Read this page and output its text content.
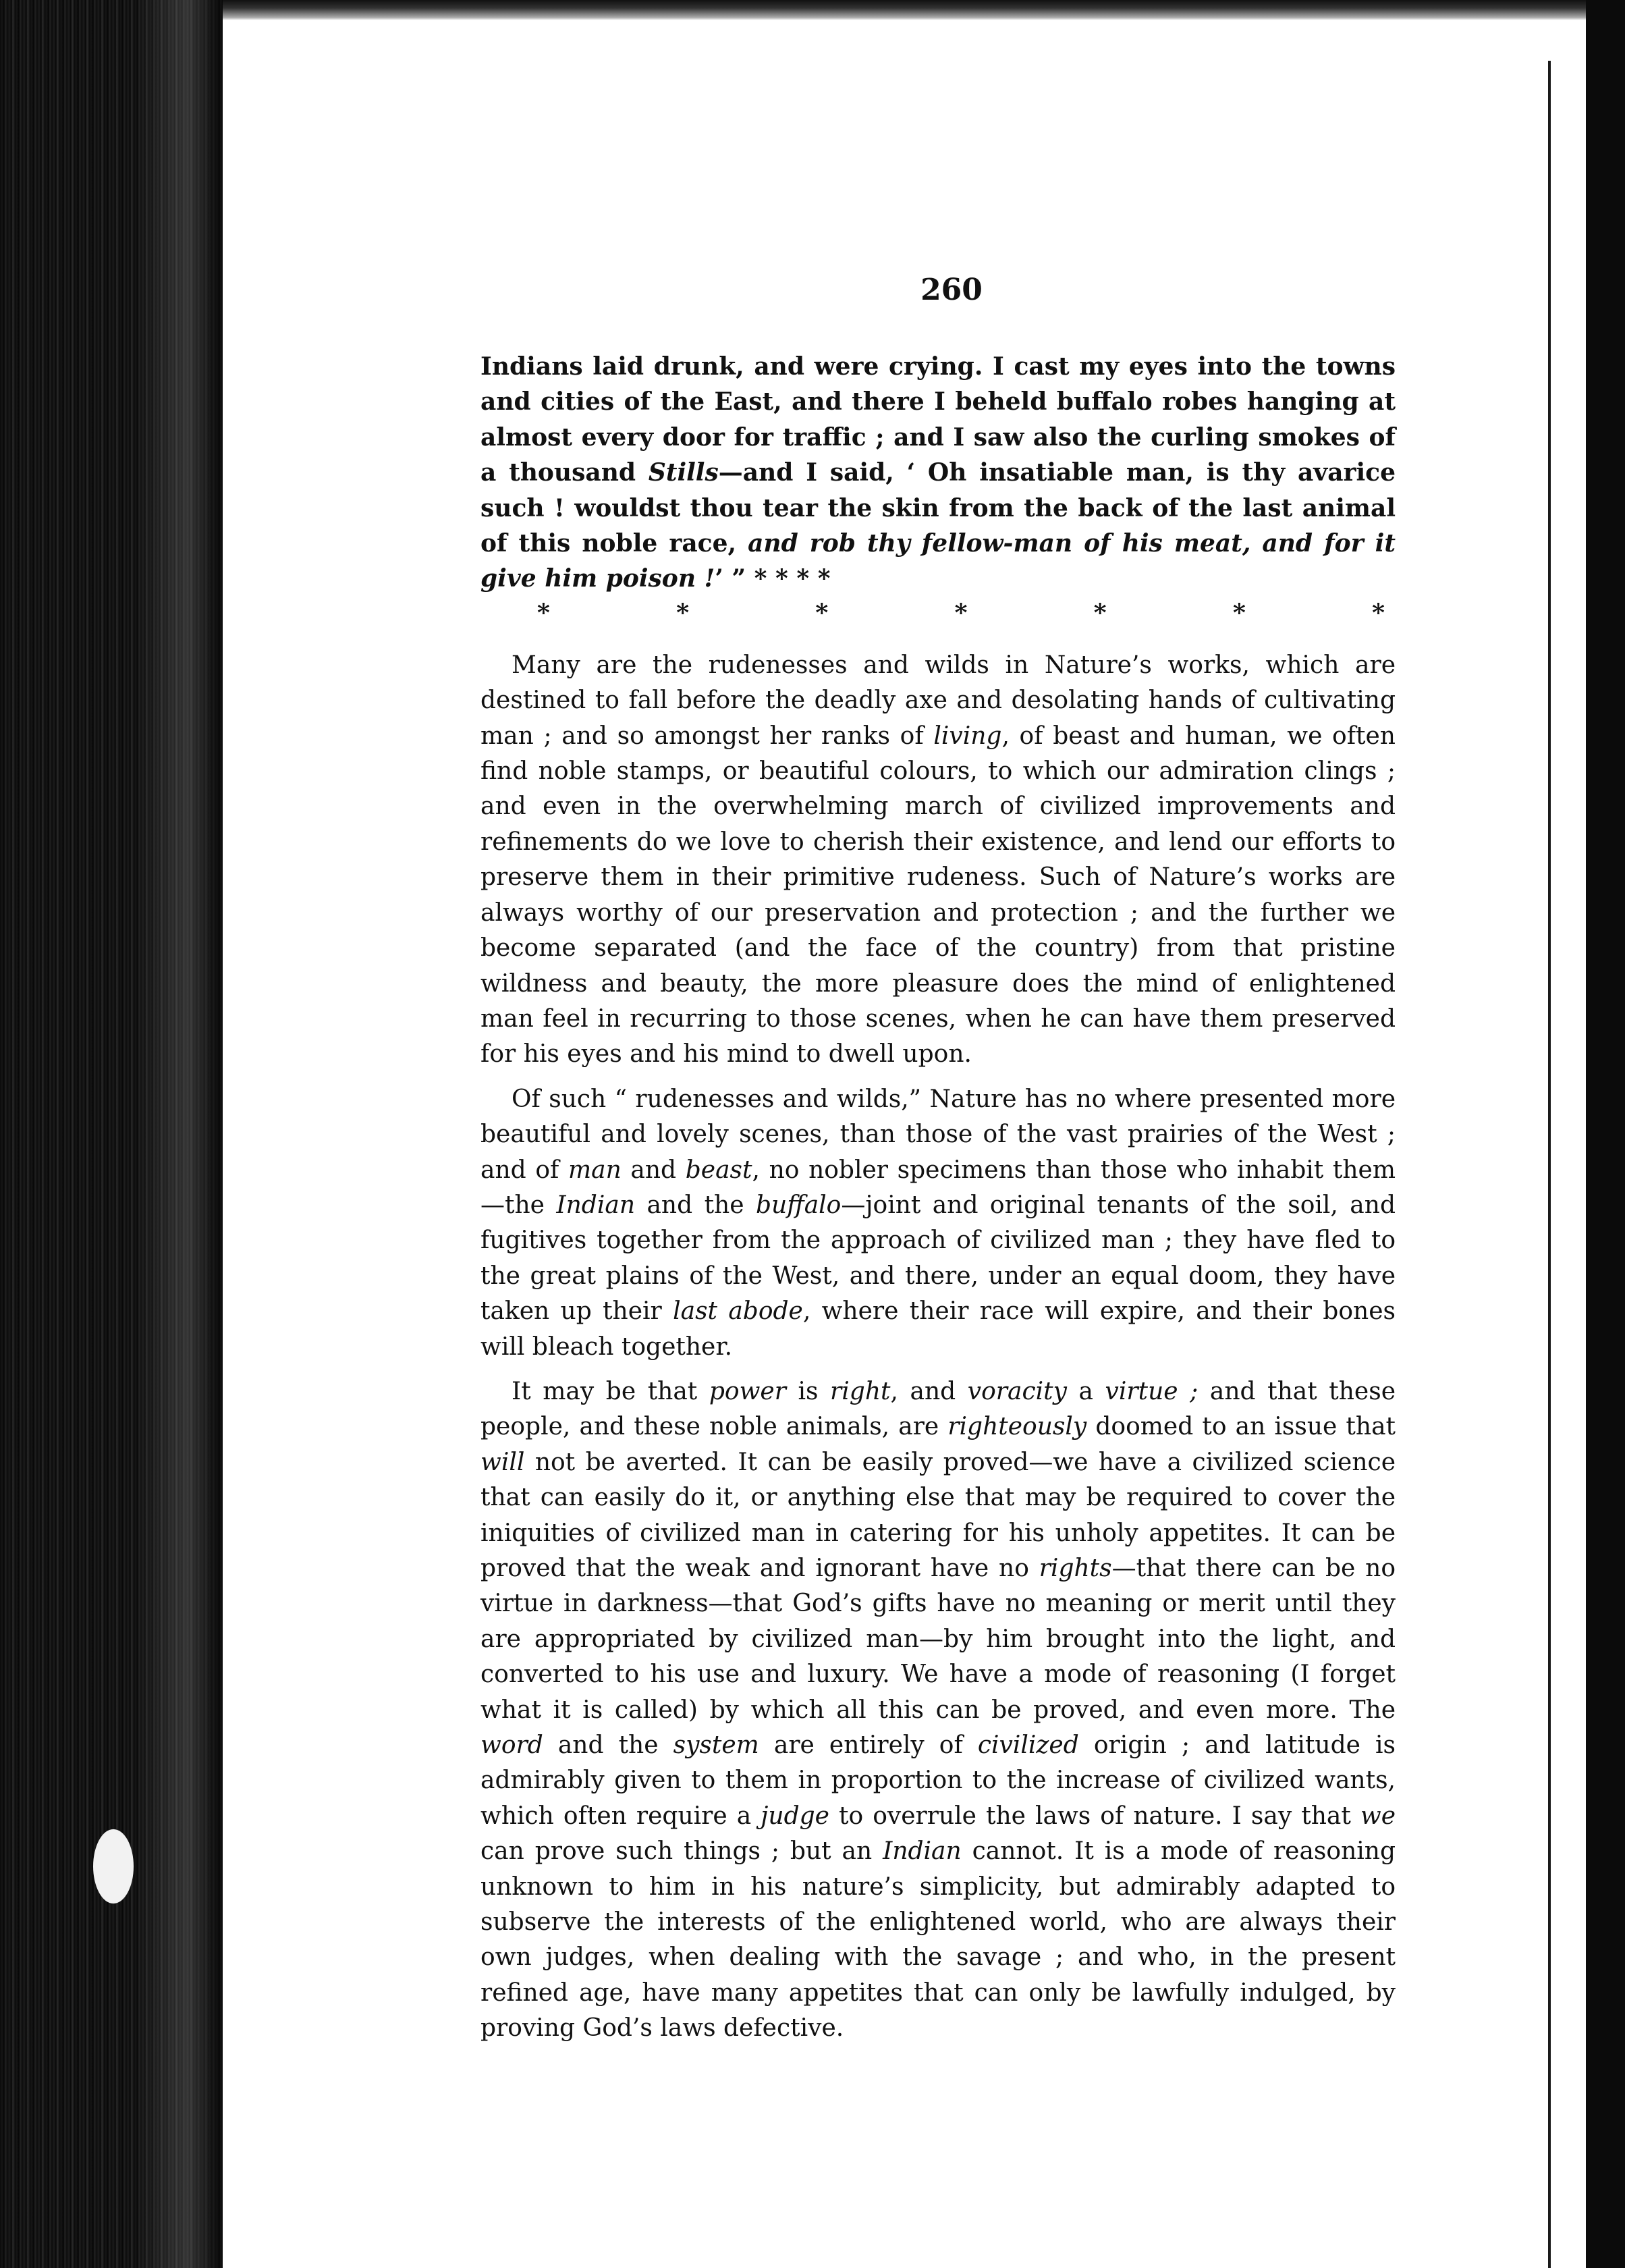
260

Indians laid drunk, and were crying. I cast my eyes into the towns and cities of the East, and there I beheld buffalo robes hanging at almost every door for traffic ; and I saw also the curling smokes of a thousand Stills—and I said, ‘ Oh insatiable man, is thy avarice such ! wouldst thou tear the skin from the back of the last animal of this noble race, and rob thy fellow-man of his meat, and for it give him poison !’ ” * * * *

*	*	*	*	*	*	*

Many are the rudenesses and wilds in Nature’s works, which are destined to fall before the deadly axe and desolating hands of cultivating man ; and so amongst her ranks of living, of beast and human, we often find noble stamps, or beautiful colours, to which our admiration clings ; and even in the overwhelming march of civilized improvements and refinements do we love to cherish their existence, and lend our efforts to preserve them in their primitive rudeness. Such of Nature’s works are always worthy of our preservation and protection ; and the further we become separated (and the face of the country) from that pristine wildness and beauty, the more pleasure does the mind of enlightened man feel in recurring to those scenes, when he can have them preserved for his eyes and his mind to dwell upon.

Of such “ rudenesses and wilds,” Nature has no where presented more beautiful and lovely scenes, than those of the vast prairies of the West ; and of man and beast, no nobler specimens than those who inhabit them—the Indian and the buffalo—joint and original tenants of the soil, and fugitives together from the approach of civilized man ; they have fled to the great plains of the West, and there, under an equal doom, they have taken up their last abode, where their race will expire, and their bones will bleach together.

It may be that power is right, and voracity a virtue ; and that these people, and these noble animals, are righteously doomed to an issue that will not be averted. It can be easily proved—we have a civilized science that can easily do it, or anything else that may be required to cover the iniquities of civilized man in catering for his unholy appetites. It can be proved that the weak and ignorant have no rights—that there can be no virtue in darkness—that God’s gifts have no meaning or merit until they are appropriated by civilized man—by him brought into the light, and converted to his use and luxury. We have a mode of reasoning (I forget what it is called) by which all this can be proved, and even more. The word and the system are entirely of civilized origin ; and latitude is admirably given to them in proportion to the increase of civilized wants, which often require a judge to overrule the laws of nature. I say that we can prove such things ; but an Indian cannot. It is a mode of reasoning unknown to him in his nature’s simplicity, but admirably adapted to subserve the interests of the enlightened world, who are always their own judges, when dealing with the savage ; and who, in the present refined age, have many appetites that can only be lawfully indulged, by proving God’s laws defective.
